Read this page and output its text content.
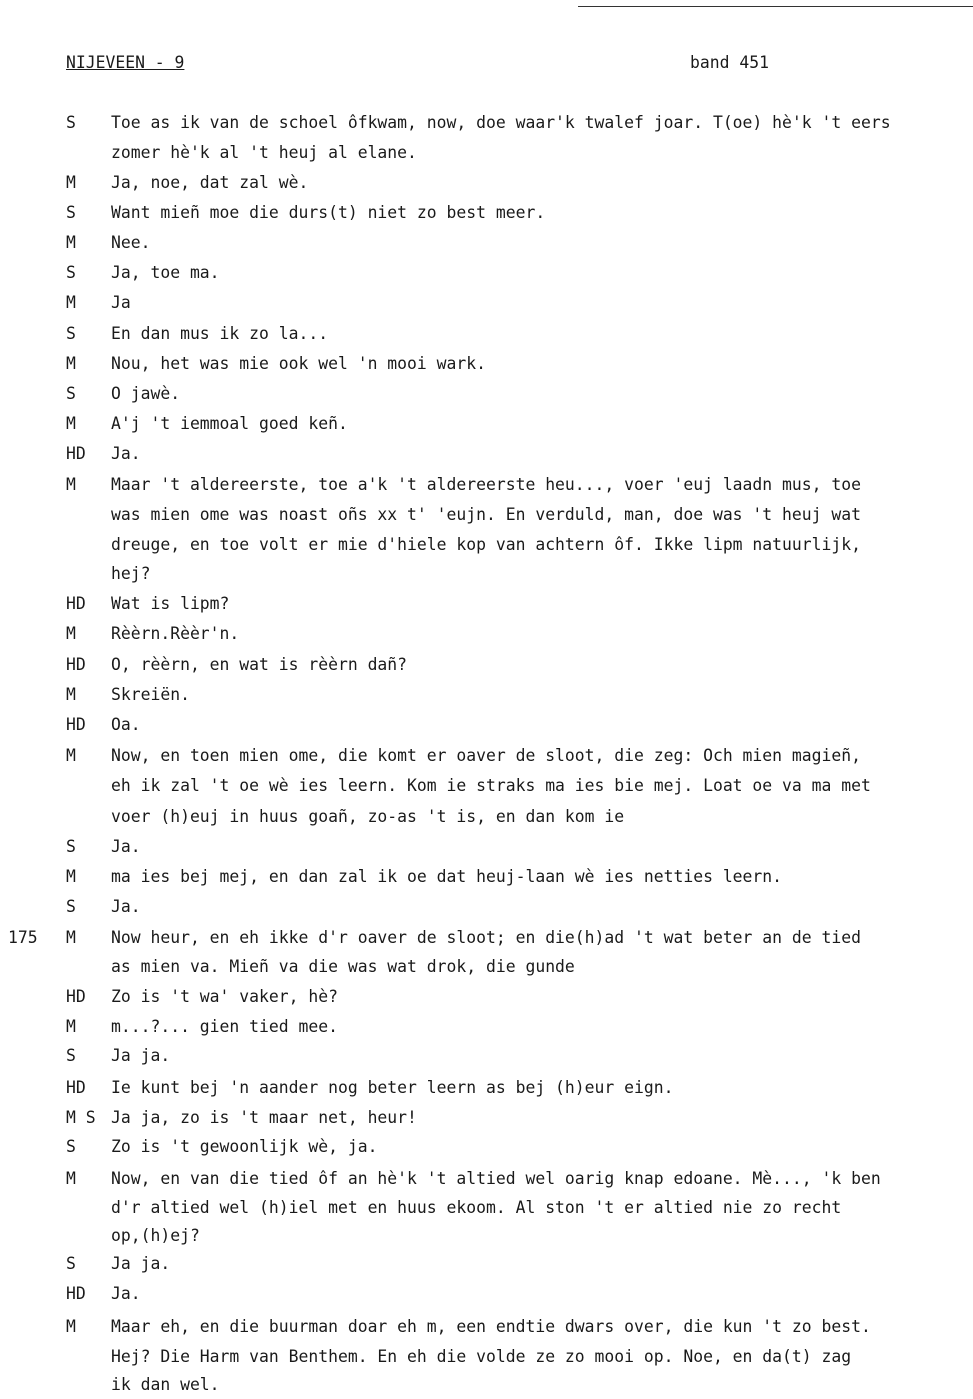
NIJEVEEN - 9	band 451
175
S	Toe as ik van de schoel ôfkwam, now, doe waar'k twalef joar. T(oe) hè'k 't eers
zomer hè'k al 't heuj al elane.
M	Ja, noe, dat zal wè.
S	Want mieñ moe die durs(t) niet zo best meer.
M	Nee.
S	Ja, toe ma.
M	Ja
S	En dan mus ik zo la...
M	Nou, het was mie ook wel 'n mooi wark.
S	O jawè.
M	A'j 't iemmoal goed keñ.
HD	Ja.
M	Maar 't aldereerste, toe a'k 't aldereerste heu..., voer 'euj laadn mus, toe
was mien ome was noast oñs xx t' 'eujn. En verduld, man, doe was 't heuj wat
dreuge, en toe volt er mie d'hiele kop van achtern ôf. Ikke lipm natuurlijk,
hej?
HD	Wat is lipm?
M	Rèèrn.Rèèr'n.
HD	O, rèèrn, en wat is rèèrn dañ?
M	Skreiën.
HD	Oa.
M	Now, en toen mien ome, die komt er oaver de sloot, die zeg: Och mien magieñ,
eh ik zal 't oe wè ies leern. Kom ie straks ma ies bie mej. Loat oe va ma met
voer (h)euj in huus goañ, zo-as 't is, en dan kom ie
S	Ja.
M	ma ies bej mej, en dan zal ik oe dat heuj-laan wè ies netties leern.
S	Ja.
M	Now heur, en eh ikke d'r oaver de sloot; en die(h)ad 't wat beter an de tied
as mien va. Mieñ va die was wat drok, die gunde
HD	Zo is 't wa' vaker, hè?
M	m...?... gien tied mee.
S	Ja ja.
HD	Ie kunt bej 'n aander nog beter leern as bej (h)eur eign.
M S Ja ja, zo is 't maar net, heur!
S	Zo is 't gewoonlijk wè, ja.
M	Now, en van die tied ôf an hè'k 't altied wel oarig knap edoane. Mè..., 'k ben
d'r altied wel (h)iel met en huus ekoom. Al ston 't er altied nie zo recht
op,(h)ej?
S	Ja ja.
HD	Ja.
M	Maar eh, en die buurman doar eh m, een endtie dwars over, die kun 't zo best.
Hej? Die Harm van Benthem. En eh die volde ze zo mooi op. Noe, en da(t) zag
ik dan wel.
